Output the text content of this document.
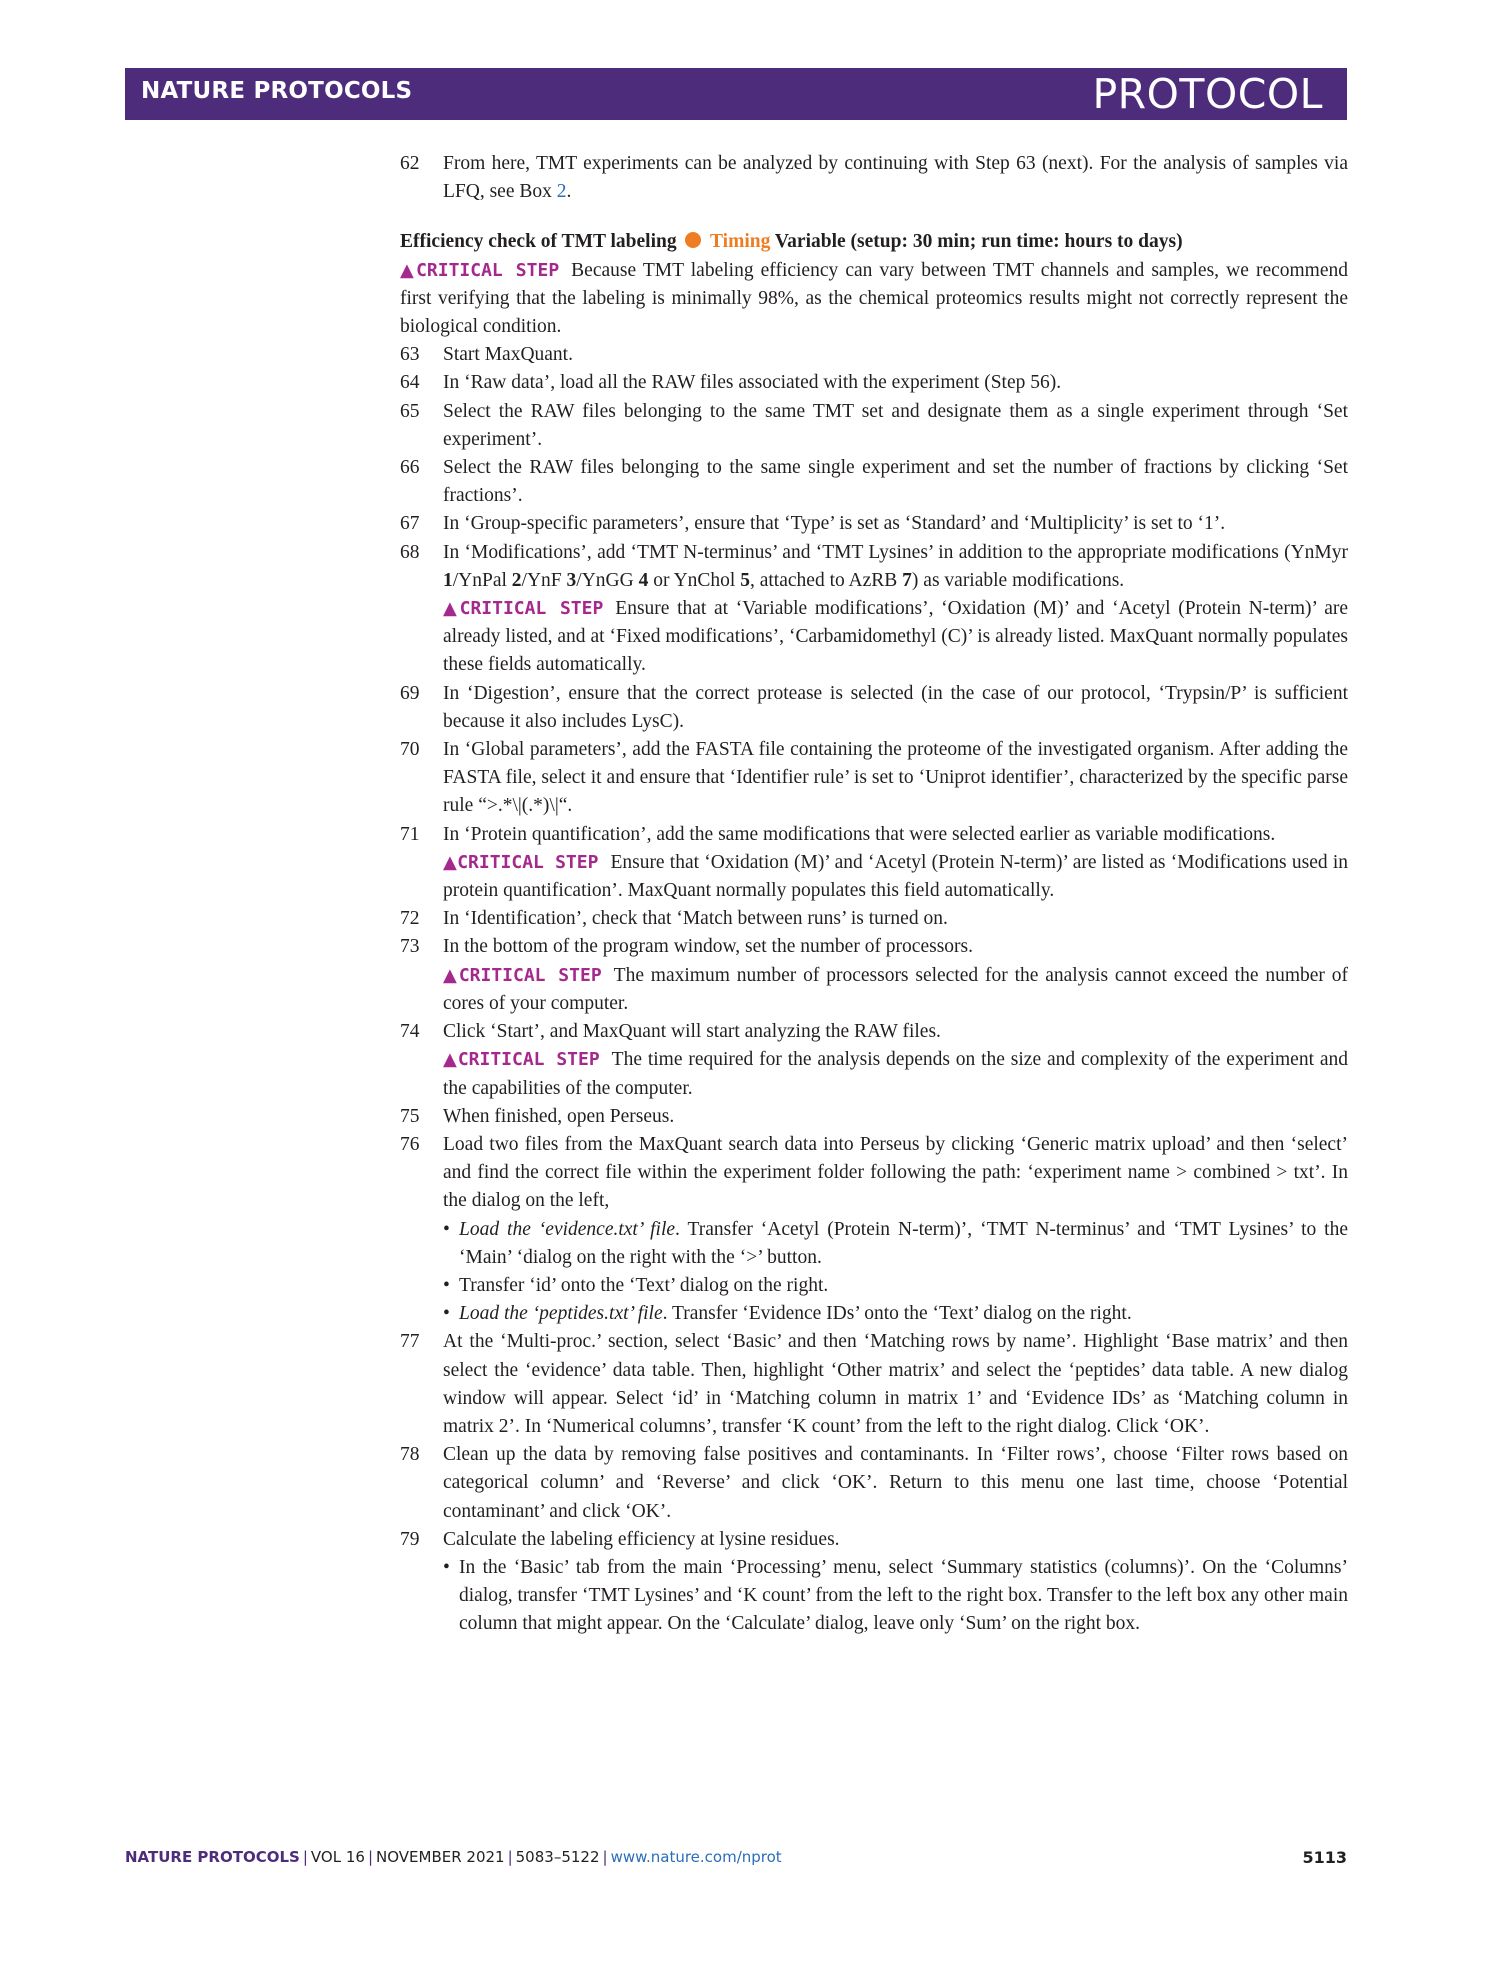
NATURE PROTOCOLS	PROTOCOL
62 From here, TMT experiments can be analyzed by continuing with Step 63 (next). For the analysis of samples via LFQ, see Box 2.
Efficiency check of TMT labeling Timing Variable (setup: 30 min; run time: hours to days)
▲CRITICAL STEP Because TMT labeling efficiency can vary between TMT channels and samples, we recommend first verifying that the labeling is minimally 98%, as the chemical proteomics results might not correctly represent the biological condition.
63 Start MaxQuant.
64 In ‘Raw data’, load all the RAW files associated with the experiment (Step 56).
65 Select the RAW files belonging to the same TMT set and designate them as a single experiment through ‘Set experiment’.
66 Select the RAW files belonging to the same single experiment and set the number of fractions by clicking ‘Set fractions’.
67 In ‘Group-specific parameters’, ensure that ‘Type’ is set as ‘Standard’ and ‘Multiplicity’ is set to ‘1’.
68 In ‘Modifications’, add ‘TMT N-terminus’ and ‘TMT Lysines’ in addition to the appropriate modifications (YnMyr 1/YnPal 2/YnF 3/YnGG 4 or YnChol 5, attached to AzRB 7) as variable modifications.
▲CRITICAL STEP Ensure that at ‘Variable modifications’, ‘Oxidation (M)’ and ‘Acetyl (Protein N-term)’ are already listed, and at ‘Fixed modifications’, ‘Carbamidomethyl (C)’ is already listed. MaxQuant normally populates these fields automatically.
69 In ‘Digestion’, ensure that the correct protease is selected (in the case of our protocol, ‘Trypsin/P’ is sufficient because it also includes LysC).
70 In ‘Global parameters’, add the FASTA file containing the proteome of the investigated organism. After adding the FASTA file, select it and ensure that ‘Identifier rule’ is set to ‘Uniprot identifier’, characterized by the specific parse rule “>.*\|(.*)\|“.
71 In ‘Protein quantification’, add the same modifications that were selected earlier as variable modifications.
▲CRITICAL STEP Ensure that ‘Oxidation (M)’ and ‘Acetyl (Protein N-term)’ are listed as ‘Modifications used in protein quantification’. MaxQuant normally populates this field automatically.
72 In ‘Identification’, check that ‘Match between runs’ is turned on.
73 In the bottom of the program window, set the number of processors.
▲CRITICAL STEP The maximum number of processors selected for the analysis cannot exceed the number of cores of your computer.
74 Click ‘Start’, and MaxQuant will start analyzing the RAW files.
▲CRITICAL STEP The time required for the analysis depends on the size and complexity of the experiment and the capabilities of the computer.
75 When finished, open Perseus.
76 Load two files from the MaxQuant search data into Perseus by clicking ‘Generic matrix upload’ and then ‘select’ and find the correct file within the experiment folder following the path: ‘experiment name > combined > txt’. In the dialog on the left,
• Load the ‘evidence.txt’ file. Transfer ‘Acetyl (Protein N-term)’, ‘TMT N-terminus’ and ‘TMT Lysines’ to the ‘Main’ ‘dialog on the right with the ‘>’ button.
• Transfer ‘id’ onto the ‘Text’ dialog on the right.
• Load the ‘peptides.txt’ file. Transfer ‘Evidence IDs’ onto the ‘Text’ dialog on the right.
77 At the ‘Multi-proc.’ section, select ‘Basic’ and then ‘Matching rows by name’. Highlight ‘Base matrix’ and then select the ‘evidence’ data table. Then, highlight ‘Other matrix’ and select the ‘peptides’ data table. A new dialog window will appear. Select ‘id’ in ‘Matching column in matrix 1’ and ‘Evidence IDs’ as ‘Matching column in matrix 2’. In ‘Numerical columns’, transfer ‘K count’ from the left to the right dialog. Click ‘OK’.
78 Clean up the data by removing false positives and contaminants. In ‘Filter rows’, choose ‘Filter rows based on categorical column’ and ‘Reverse’ and click ‘OK’. Return to this menu one last time, choose ‘Potential contaminant’ and click ‘OK’.
79 Calculate the labeling efficiency at lysine residues.
• In the ‘Basic’ tab from the main ‘Processing’ menu, select ‘Summary statistics (columns)’. On the ‘Columns’ dialog, transfer ‘TMT Lysines’ and ‘K count’ from the left to the right box. Transfer to the left box any other main column that might appear. On the ‘Calculate’ dialog, leave only ‘Sum’ on the right box.
NATURE PROTOCOLS | VOL 16 | NOVEMBER 2021 | 5083–5122 | www.nature.com/nprot	5113
